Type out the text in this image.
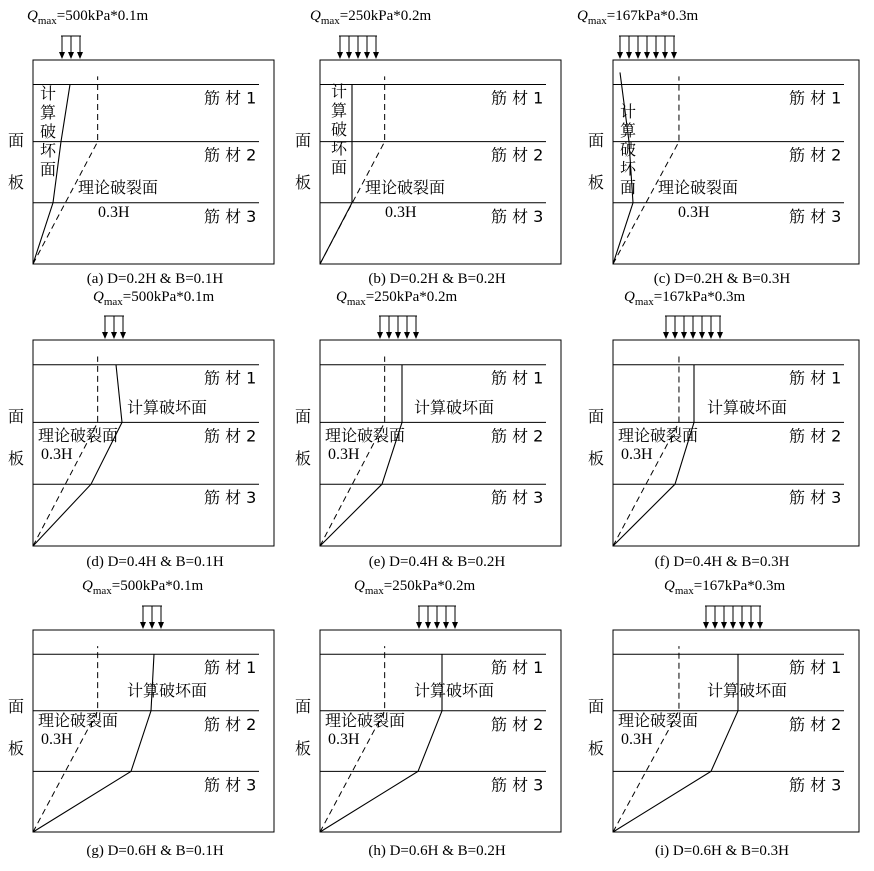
筋 材 1
筋 材 2
筋 材 3
计
算
破
坏
面
理论破裂面
0.3H
面
板
$Q_{max}=500kPa*0.1m$
(a) D=0.2H & B=0.1H
筋 材 1
筋 材 2
筋 材 3
计
算
破
坏
面
理论破裂面
0.3H
面
板
$Q_{max}=250kPa*0.2m$
(b) D=0.2H & B=0.2H
筋 材 1
筋 材 2
筋 材 3
计
算
破
坏
面 理论破裂面
0.3H
面
板
$Q_{max}=167kPa*0.3m$
(c) D=0.2H & B=0.3H
筋 材 1
筋 材 2
筋 材 3
计算破坏面
理论破裂面
0.3H
面
板
$Q_{max}=500kPa*0.1m$
(d) D=0.4H & B=0.1H
筋 材 1
筋 材 2
筋 材 3
计算破坏面
理论破裂面
0.3H
面
板
$Q_{max}=250kPa*0.2m$
(e) D=0.4H & B=0.2H
筋 材 1
筋 材 2
筋 材 3
计算破坏面
理论破裂面
0.3H
面
板
$Q_{max}=167kPa*0.3m$
(f) D=0.4H & B=0.3H
筋 材 1
筋 材 2
筋 材 3
计算破坏面
理论破裂面
0.3H
面
板
$Q_{max}=500kPa*0.1m$
(g) D=0.6H & B=0.1H
筋 材 1
筋 材 2
筋 材 3
计算破坏面
理论破裂面
0.3H
面
板
$Q_{max}=250kPa*0.2m$
(h) D=0.6H & B=0.2H
筋 材 1
筋 材 2
筋 材 3
计算破坏面
理论破裂面
0.3H
面
板
$Q_{max}=167kPa*0.3m$
(i) D=0.6H & B=0.3H
